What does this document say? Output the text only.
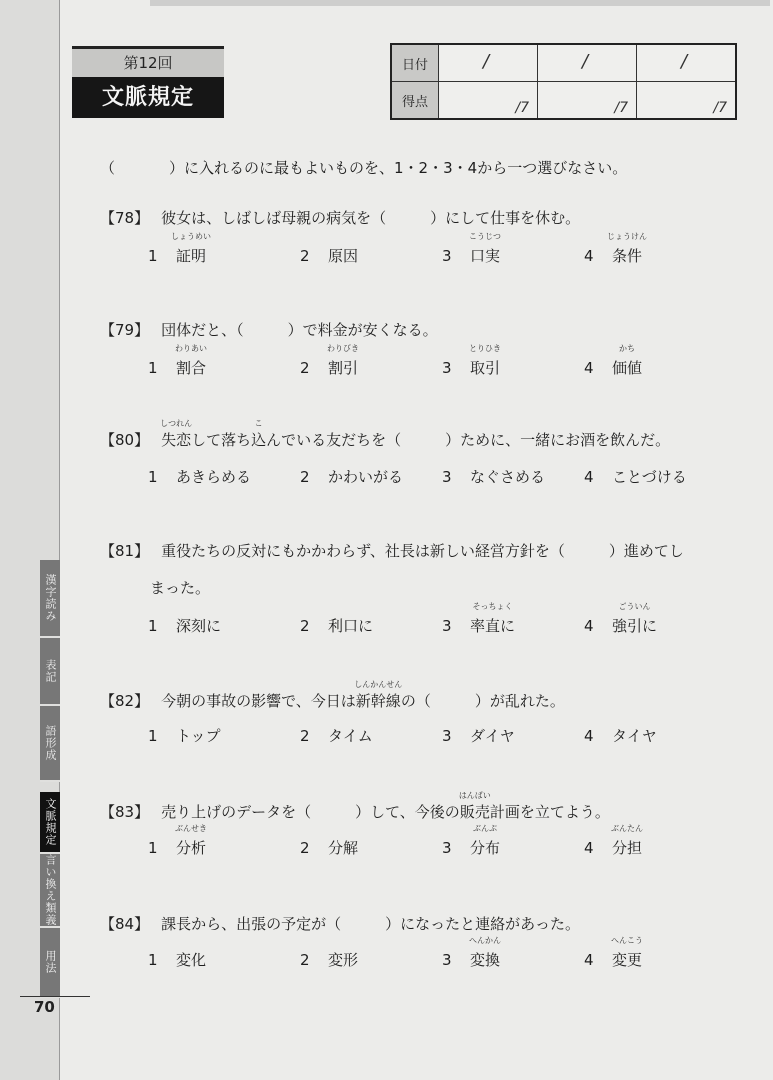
第12回
文脈規定
日付	/	/	/

得点	/7	/7	/7
（	）に入れるのに最もよいものを、1・2・3・4から一つ選びなさい。
【78】 彼女は、しばしば母親の病気を（	）にして仕事を休む。
1
しょうめい
証明	2 原因	3
こうじつ
口実	4
じょうけん
条件
【79】 団体だと、（	）で料金が安くなる。
1
わりあい
割合	2
わりびき
割引	3
とりひき
取引	4
かち
価値
【80】
しつれん
失恋して落ち
こ
込んでいる友だちを（	）ために、一緒にお酒を飲んだ。
1 あきらめる	2 かわいがる	3 なぐさめる	4 ことづける
【81】 重役たちの反対にもかかわらず、社長は新しい経営方針を（	）進めてし
まった。
1 深刻に	2 利口に	3
そっちょく
率直に	4
ごういん
強引に
【82】 今朝の事故の影響で、今日は
しんかんせん
新幹線の（	）が乱れた。
1 トップ	2 タイム	3 ダイヤ	4 タイヤ
【83】 売り上げのデータを（	）して、今後の
はんばい
販売計画を立てよう。
1
ぶんせき
分析	2 分解	3
ぶんぷ
分布	4
ぶんたん
分担
【84】 課長から、出張の予定が（	）になったと連絡があった。
1 変化	2 変形	3
へんかん
変換	4
へんこう
変更
漢字読み
表記
語形成
文脈規定
言い換え類義
用法
70
